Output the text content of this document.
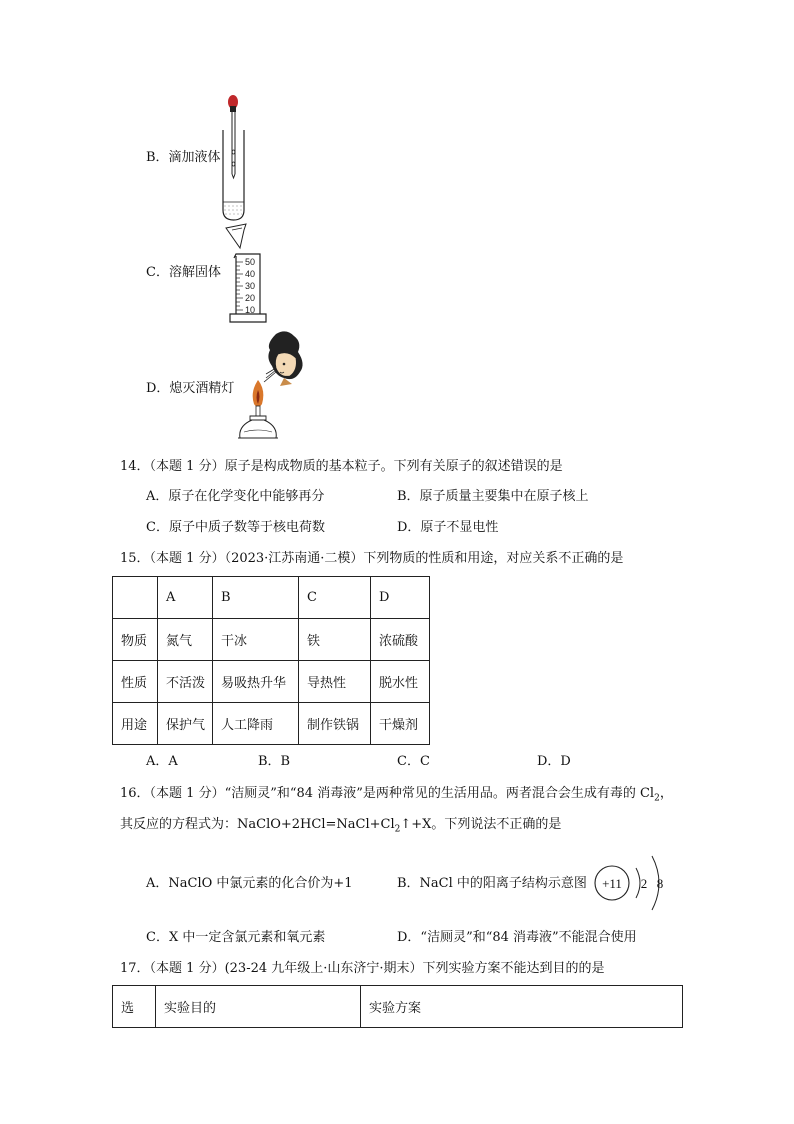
B．滴加液体
C．溶解固体
50
40
30
20
10
D．熄灭酒精灯
14．（本题 1 分）原子是构成物质的基本粒子。下列有关原子的叙述错误的是
A．原子在化学变化中能够再分	B．原子质量主要集中在原子核上
C．原子中质子数等于核电荷数	D．原子不显电性
15．（本题 1 分）（2023·江苏南通·二模）下列物质的性质和用途，对应关系不正确的是
	A	B	C	D
物质	氮气	干冰	铁	浓硫酸
性质	不活泼	易吸热升华	导热性	脱水性
用途	保护气	人工降雨	制作铁锅	干燥剂
A．A	B．B	C．C	D．D
16．（本题 1 分）“洁厕灵”和“84 消毒液”是两种常见的生活用品。两者混合会生成有毒的 $Cl_2$，
其反应的方程式为：$NaClO+2HCl=NaCl+Cl_2↑+X$。下列说法不正确的是
A．NaClO 中氯元素的化合价为+1	B．NaCl 中的阳离子结构示意图 +11 2 8
C．X 中一定含氯元素和氧元素	D．“洁厕灵”和“84 消毒液”不能混合使用
17．（本题 1 分）(23-24 九年级上·山东济宁·期末）下列实验方案不能达到目的的是
选	实验目的	实验方案
